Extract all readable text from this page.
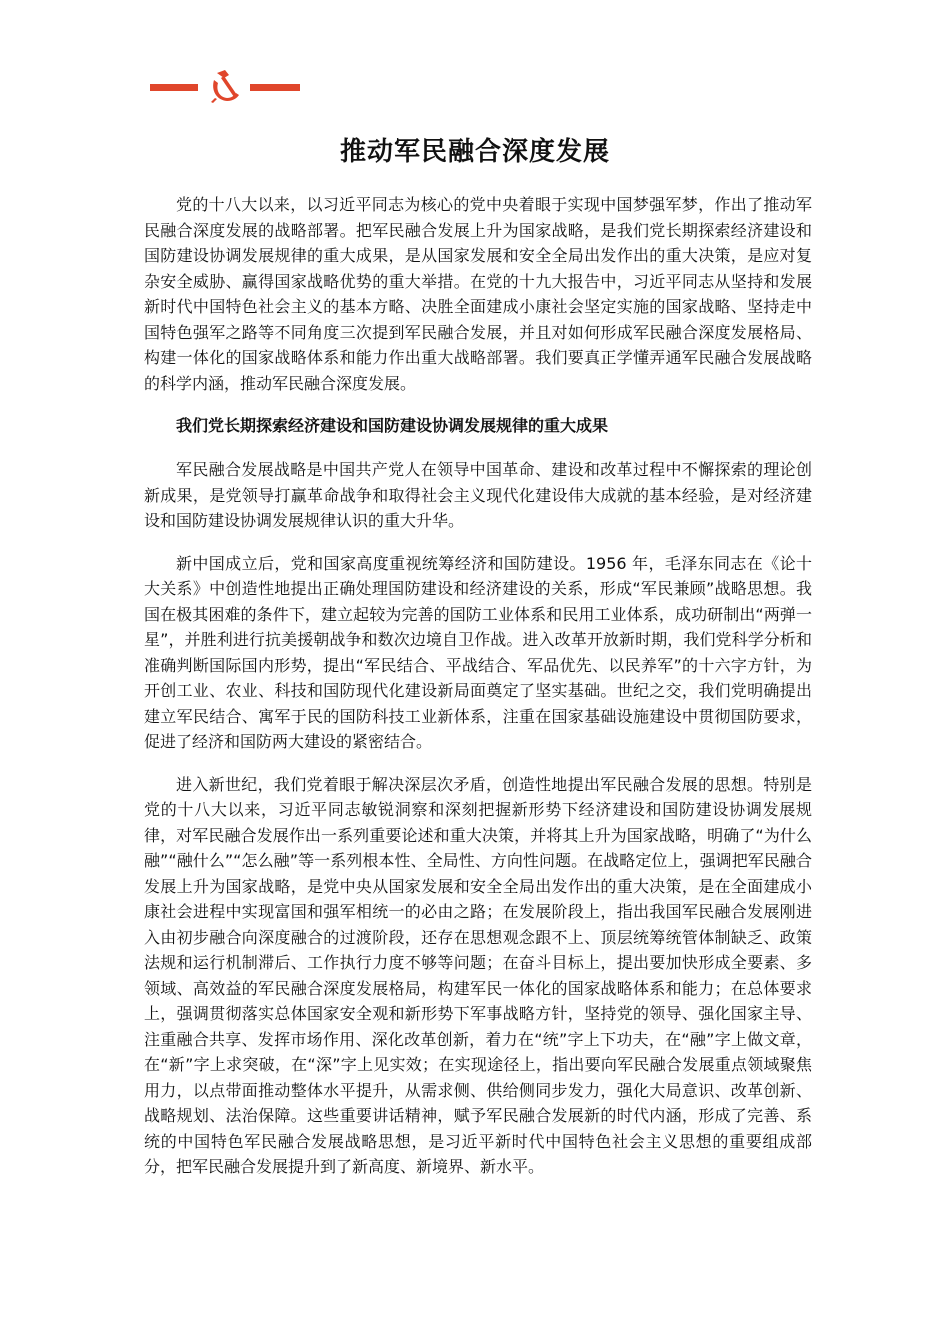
推动军民融合深度发展

党的十八大以来，以习近平同志为核心的党中央着眼于实现中国梦强军梦，作出了推动军民融合深度发展的战略部署。把军民融合发展上升为国家战略，是我们党长期探索经济建设和国防建设协调发展规律的重大成果，是从国家发展和安全全局出发作出的重大决策，是应对复杂安全威胁、赢得国家战略优势的重大举措。在党的十九大报告中，习近平同志从坚持和发展新时代中国特色社会主义的基本方略、决胜全面建成小康社会坚定实施的国家战略、坚持走中国特色强军之路等不同角度三次提到军民融合发展，并且对如何形成军民融合深度发展格局、构建一体化的国家战略体系和能力作出重大战略部署。我们要真正学懂弄通军民融合发展战略的科学内涵，推动军民融合深度发展。

我们党长期探索经济建设和国防建设协调发展规律的重大成果

军民融合发展战略是中国共产党人在领导中国革命、建设和改革过程中不懈探索的理论创新成果，是党领导打赢革命战争和取得社会主义现代化建设伟大成就的基本经验，是对经济建设和国防建设协调发展规律认识的重大升华。

新中国成立后，党和国家高度重视统筹经济和国防建设。1956 年，毛泽东同志在《论十大关系》中创造性地提出正确处理国防建设和经济建设的关系，形成“军民兼顾”战略思想。我国在极其困难的条件下，建立起较为完善的国防工业体系和民用工业体系，成功研制出“两弹一星”，并胜利进行抗美援朝战争和数次边境自卫作战。进入改革开放新时期，我们党科学分析和准确判断国际国内形势，提出“军民结合、平战结合、军品优先、以民养军”的十六字方针，为开创工业、农业、科技和国防现代化建设新局面奠定了坚实基础。世纪之交，我们党明确提出建立军民结合、寓军于民的国防科技工业新体系，注重在国家基础设施建设中贯彻国防要求，促进了经济和国防两大建设的紧密结合。

进入新世纪，我们党着眼于解决深层次矛盾，创造性地提出军民融合发展的思想。特别是党的十八大以来，习近平同志敏锐洞察和深刻把握新形势下经济建设和国防建设协调发展规律，对军民融合发展作出一系列重要论述和重大决策，并将其上升为国家战略，明确了“为什么融”“融什么”“怎么融”等一系列根本性、全局性、方向性问题。在战略定位上，强调把军民融合发展上升为国家战略，是党中央从国家发展和安全全局出发作出的重大决策，是在全面建成小康社会进程中实现富国和强军相统一的必由之路；在发展阶段上，指出我国军民融合发展刚进入由初步融合向深度融合的过渡阶段，还存在思想观念跟不上、顶层统筹统管体制缺乏、政策法规和运行机制滞后、工作执行力度不够等问题；在奋斗目标上，提出要加快形成全要素、多领域、高效益的军民融合深度发展格局，构建军民一体化的国家战略体系和能力；在总体要求上，强调贯彻落实总体国家安全观和新形势下军事战略方针，坚持党的领导、强化国家主导、注重融合共享、发挥市场作用、深化改革创新，着力在“统”字上下功夫，在“融”字上做文章，在“新”字上求突破，在“深”字上见实效；在实现途径上，指出要向军民融合发展重点领域聚焦用力，以点带面推动整体水平提升，从需求侧、供给侧同步发力，强化大局意识、改革创新、战略规划、法治保障。这些重要讲话精神，赋予军民融合发展新的时代内涵，形成了完善、系统的中国特色军民融合发展战略思想，是习近平新时代中国特色社会主义思想的重要组成部分，把军民融合发展提升到了新高度、新境界、新水平。
